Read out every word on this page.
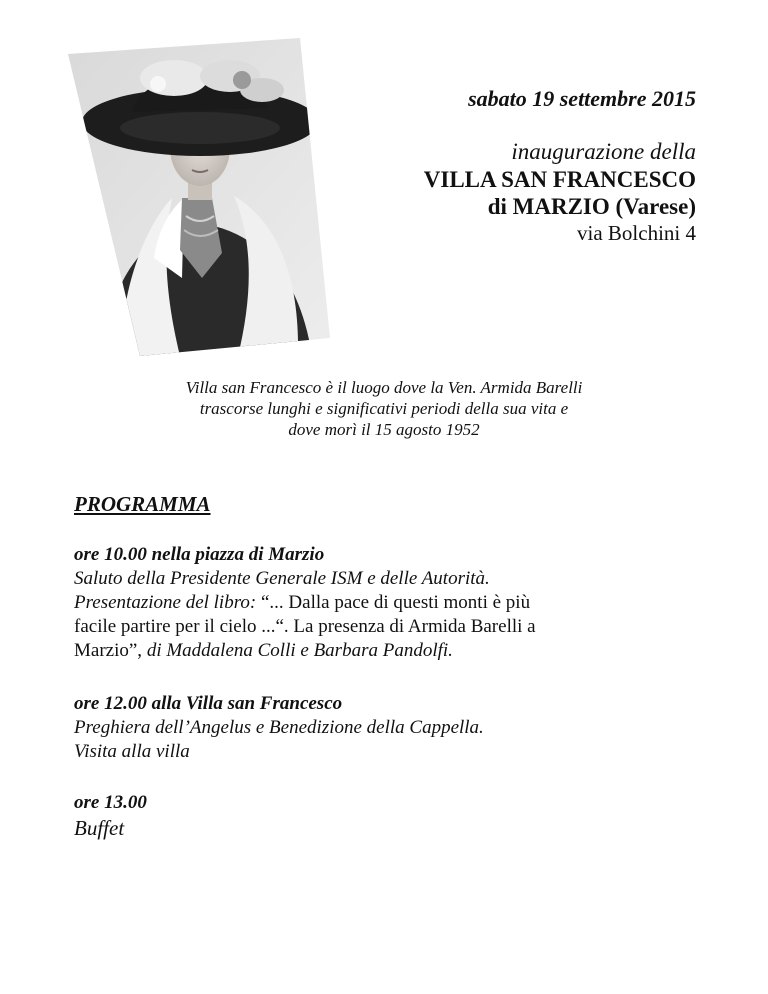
sabato 19 settembre 2015

inaugurazione della

VILLA SAN FRANCESCO

di MARZIO (Varese)

via Bolchini 4

Villa san Francesco è il luogo dove la Ven. Armida Barelli
trascorse lunghi e significativi periodi della sua vita e
dove morì il 15 agosto 1952
PROGRAMMA
ore 10.00 nella piazza di Marzio
Saluto della Presidente Generale ISM e delle Autorità.
Presentazione del libro: “... Dalla pace di questi monti è più
facile partire per il cielo ...“. La presenza di Armida Barelli a
Marzio”, di Maddalena Colli e Barbara Pandolfi.
ore 12.00 alla Villa san Francesco
Preghiera dell’Angelus e Benedizione della Cappella.
Visita alla villa
ore 13.00
Buffet
